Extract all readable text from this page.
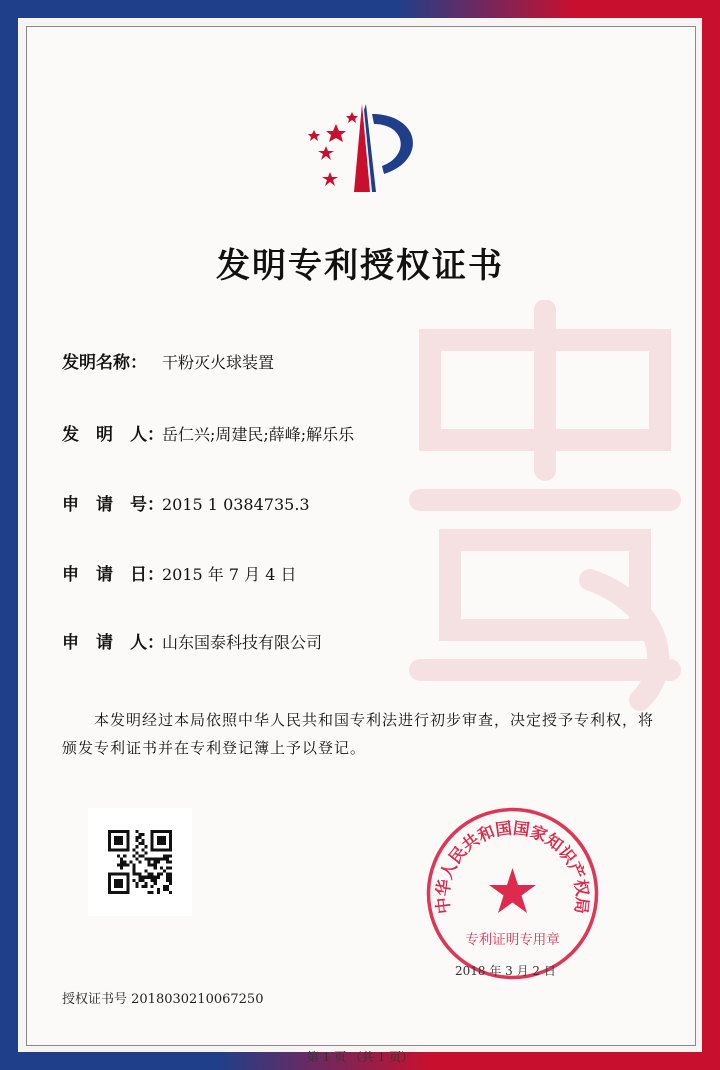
发明专利授权证书
发明名称： 干粉灭火球装置
发　明　人：岳仁兴;周建民;薛峰;解乐乐
申　请　号：2015 1 0384735.3
申　请　日：2015 年 7 月 4 日
申　请　人：山东国泰科技有限公司
本发明经过本局依照中华人民共和国专利法进行初步审查，决定授予专利权，将颁发专利证书并在专利登记簿上予以登记。
中华人民共和国国家知识产权局
专利证明专用章
2018 年 3 月 2 日
授权证书号 2018030210067250
第 1 页 （共 1 页）
